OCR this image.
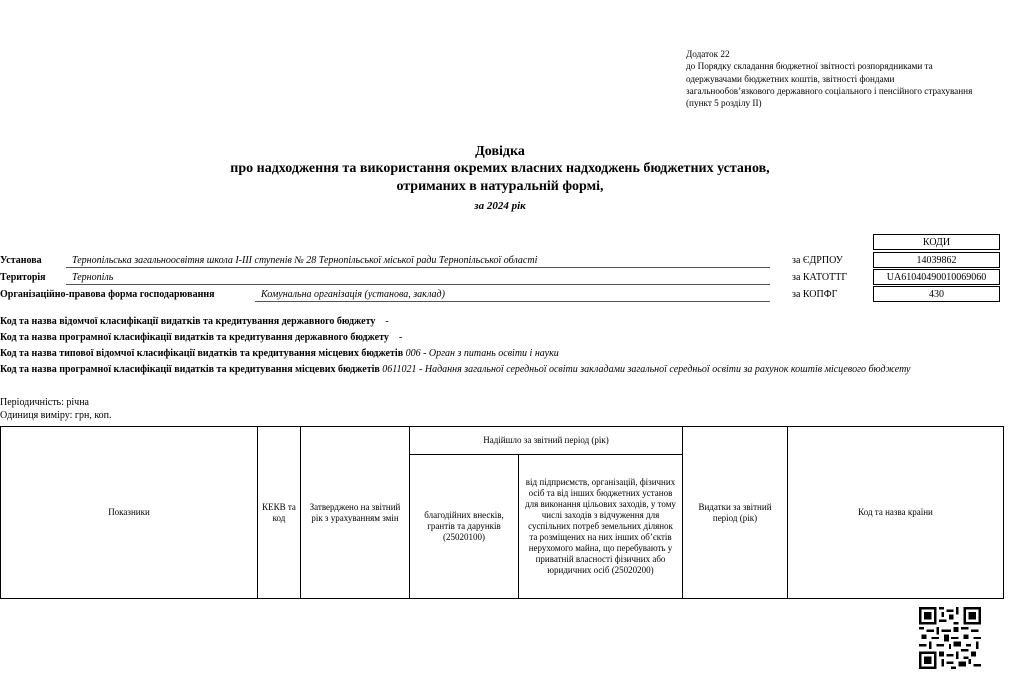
Додаток 22
до Порядку складання бюджетної звітності розпорядниками та одержувачами бюджетних коштів, звітності фондами загальнообов’язкового державного соціального і пенсійного страхування
(пункт 5 розділу II)
Довідка
про надходження та використання окремих власних надходжень бюджетних установ,
отриманих в натуральній формі,
за 2024 рік
КОДИ
Установа	Тернопільська загальноосвітня школа І-ІІІ ступенів № 28 Тернопільської міської ради Тернопільської області	за ЄДРПОУ	14039862
Територія	Тернопіль	за КАТОТТГ	UA61040490010069060
Організаційно-правова форма господарювання	Комунальна організація (установа, заклад)	за КОПФГ	430
Код та назва відомчої класифікації видатків та кредитування державного бюджету -
Код та назва програмної класифікації видатків та кредитування державного бюджету -
Код та назва типової відомчої класифікації видатків та кредитування місцевих бюджетів 006 - Орган з питань освіти і науки
Код та назва програмної класифікації видатків та кредитування місцевих бюджетів 0611021 - Надання загальної середньої освіти закладами загальної середньої освіти за рахунок коштів місцевого бюджету
Періодичність: річна
Одиниця виміру: грн, коп.
Показники	КЕКВ та код	Затверджено на звітний рік з урахуванням змін	Надійшло за звітний період (рік)		Видатки за звітний період (рік)	Код та назва країни
			благодійних внесків, грантів та дарунків (25020100)	від підприємств, організацій, фізичних осіб та від інших бюджетних установ для виконання цільових заходів, у тому числі заходів з відчуження для суспільних потреб земельних ділянок та розміщених на них інших об’єктів нерухомого майна, що перебувають у приватній власності фізичних або юридичних осіб (25020200)		
